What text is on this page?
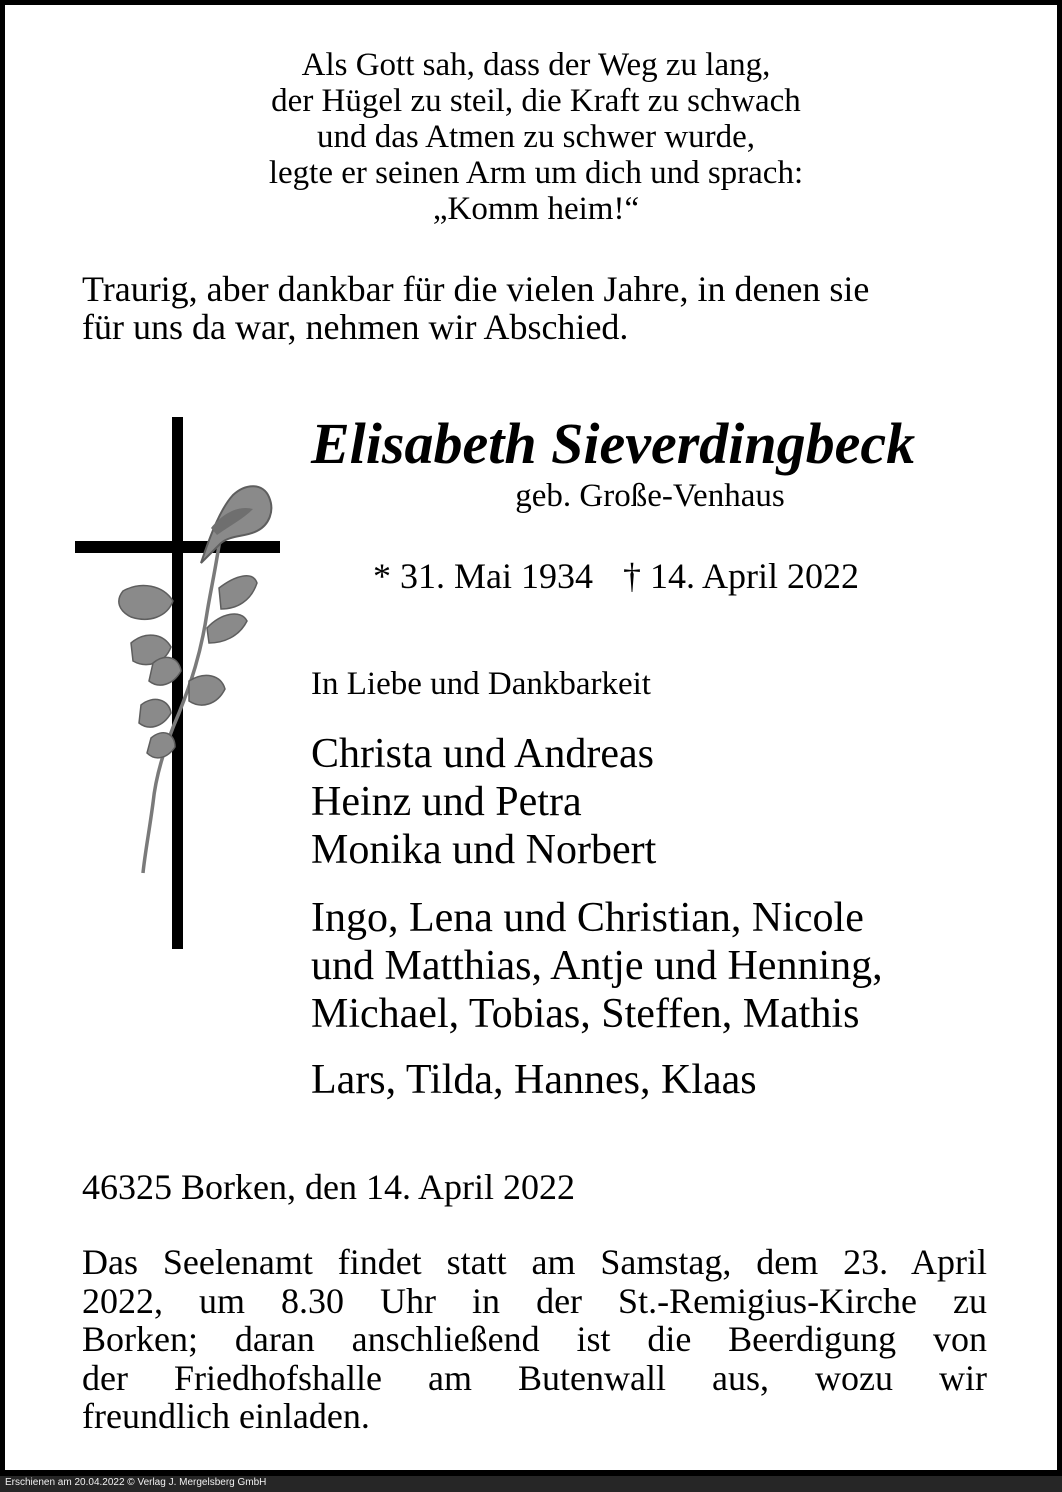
Als Gott sah, dass der Weg zu lang,
der Hügel zu steil, die Kraft zu schwach
und das Atmen zu schwer wurde,
legte er seinen Arm um dich und sprach:
„Komm heim!“
Traurig, aber dankbar für die vielen Jahre, in denen sie
für uns da war, nehmen wir Abschied.
Elisabeth Sieverdingbeck
geb. Große-Venhaus
* 31. Mai 1934 † 14. April 2022
In Liebe und Dankbarkeit
Christa und Andreas
Heinz und Petra
Monika und Norbert
Ingo, Lena und Christian, Nicole
und Matthias, Antje und Henning,
Michael, Tobias, Steffen, Mathis
Lars, Tilda, Hannes, Klaas
46325 Borken, den 14. April 2022
Das Seelenamt findet statt am Samstag, dem 23. April
2022, um 8.30 Uhr in der St.-Remigius-Kirche zu
Borken; daran anschließend ist die Beerdigung von
der Friedhofshalle am Butenwall aus, wozu wir
freundlich einladen.
Erschienen am 20.04.2022 © Verlag J. Mergelsberg GmbH
